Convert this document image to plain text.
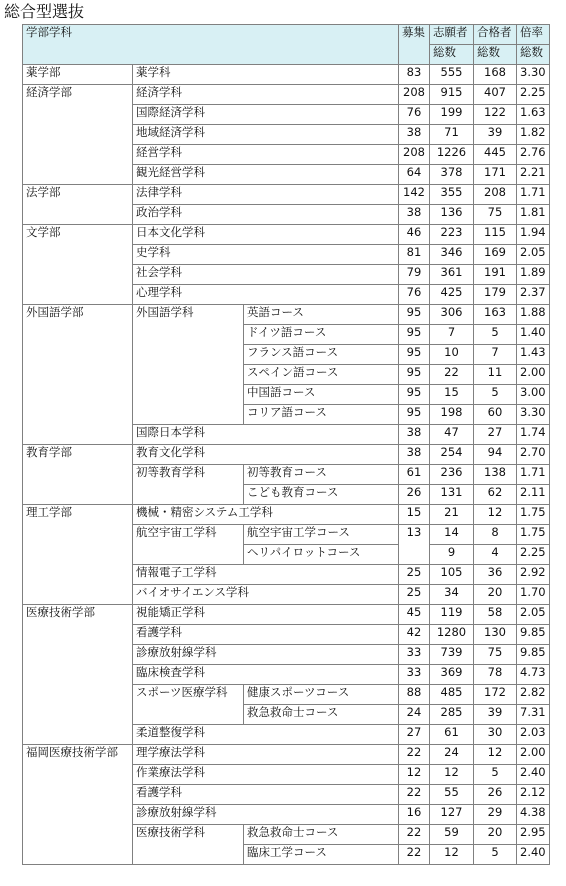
総合型選抜
学部学科			募集	志願者	合格者	倍率
				総数	総数	総数
薬学部	薬学科		83	555	168	3.30
経済学部	経済学科		208	915	407	2.25
	国際経済学科		76	199	122	1.63
	地域経済学科		38	71	39	1.82
	経営学科		208	1226	445	2.76
	観光経営学科		64	378	171	2.21
法学部	法律学科		142	355	208	1.71
	政治学科		38	136	75	1.81
文学部	日本文化学科		46	223	115	1.94
	史学科		81	346	169	2.05
	社会学科		79	361	191	1.89
	心理学科		76	425	179	2.37
外国語学部	外国語学科	英語コース	95	306	163	1.88
		ドイツ語コース	95	7	5	1.40
		フランス語コース	95	10	7	1.43
		スペイン語コース	95	22	11	2.00
		中国語コース	95	15	5	3.00
		コリア語コース	95	198	60	3.30
	国際日本学科		38	47	27	1.74
教育学部	教育文化学科		38	254	94	2.70
	初等教育学科	初等教育コース	61	236	138	1.71
		こども教育コース	26	131	62	2.11
理工学部	機械・精密システム工学科		15	21	12	1.75
	航空宇宙工学科	航空宇宙工学コース	13	14	8	1.75
		ヘリパイロットコース		9	4	2.25
	情報電子工学科		25	105	36	2.92
	バイオサイエンス学科		25	34	20	1.70
医療技術学部	視能矯正学科		45	119	58	2.05
	看護学科		42	1280	130	9.85
	診療放射線学科		33	739	75	9.85
	臨床検査学科		33	369	78	4.73
	スポーツ医療学科	健康スポーツコース	88	485	172	2.82
		救急救命士コース	24	285	39	7.31
	柔道整復学科		27	61	30	2.03
福岡医療技術学部	理学療法学科		22	24	12	2.00
	作業療法学科		12	12	5	2.40
	看護学科		22	55	26	2.12
	診療放射線学科		16	127	29	4.38
	医療技術学科	救急救命士コース	22	59	20	2.95
		臨床工学コース	22	12	5	2.40
